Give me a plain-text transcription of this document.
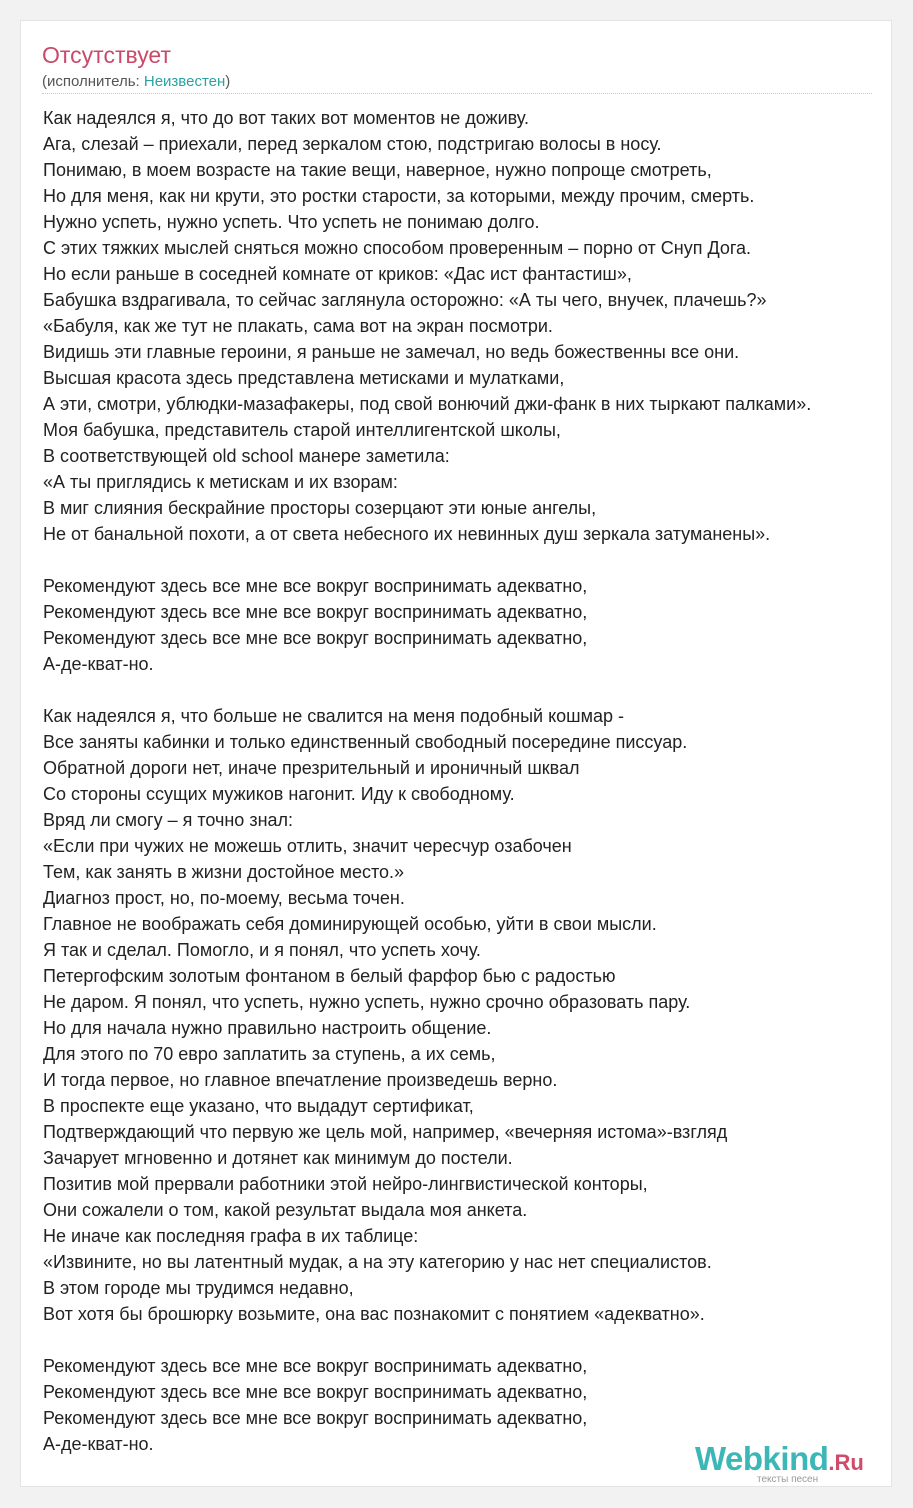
Отсутствует
(исполнитель: Неизвестен)
Как надеялся я, что до вот таких вот моментов не доживу.
Ага, слезай – приехали, перед зеркалом стою, подстригаю волосы в носу.
Понимаю, в моем возрасте на такие вещи, наверное, нужно попроще смотреть,
Но для меня, как ни крути, это ростки старости, за которыми, между прочим, смерть.
Нужно успеть, нужно успеть. Что успеть не понимаю долго.
С этих тяжких мыслей сняться можно способом проверенным – порно от Снуп Дога.
Но если раньше в соседней комнате от криков: «Дас ист фантастиш»,
Бабушка вздрагивала, то сейчас заглянула осторожно: «А ты чего, внучек, плачешь?»
«Бабуля, как же тут не плакать, сама вот на экран посмотри.
Видишь эти главные героини, я раньше не замечал, но ведь божественны все они.
Высшая красота здесь представлена метисками и мулатками,
А эти, смотри, ублюдки-мазафакеры, под свой вонючий джи-фанк в них тыркают палками».
Моя бабушка, представитель старой интеллигентской школы,
В соответствующей old school манере заметила:
«А ты приглядись к метискам и их взорам:
В миг слияния бескрайние просторы созерцают эти юные ангелы,
Не от банальной похоти, а от света небесного их невинных душ зеркала затуманены».

Рекомендуют здесь все мне все вокруг воспринимать адекватно,
Рекомендуют здесь все мне все вокруг воспринимать адекватно,
Рекомендуют здесь все мне все вокруг воспринимать адекватно,
А-де-кват-но.

Как надеялся я, что больше не свалится на меня подобный кошмар -
Все заняты кабинки и только единственный свободный посередине писсуар.
Обратной дороги нет, иначе презрительный и ироничный шквал
Со стороны ссущих мужиков нагонит. Иду к свободному.
Вряд ли смогу – я точно знал:
«Если при чужих не можешь отлить, значит чересчур озабочен
Тем, как занять в жизни достойное место.»
Диагноз прост, но, по-моему, весьма точен.
Главное не воображать себя доминирующей особью, уйти в свои мысли.
Я так и сделал. Помогло, и я понял, что успеть хочу.
Петергофским золотым фонтаном в белый фарфор бью с радостью
Не даром. Я понял, что успеть, нужно успеть, нужно срочно образовать пару.
Но для начала нужно правильно настроить общение.
Для этого по 70 евро заплатить за ступень, а их семь,
И тогда первое, но главное впечатление произведешь верно.
В проспекте еще указано, что выдадут сертификат,
Подтверждающий что первую же цель мой, например, «вечерняя истома»-взгляд
Зачарует мгновенно и дотянет как минимум до постели.
Позитив мой прервали работники этой нейро-лингвистической конторы,
Они сожалели о том, какой результат выдала моя анкета.
Не иначе как последняя графа в их таблице:
«Извините, но вы латентный мудак, а на эту категорию у нас нет специалистов.
В этом городе мы трудимся недавно,
Вот хотя бы брошюрку возьмите, она вас познакомит с понятием «адекватно».

Рекомендуют здесь все мне все вокруг воспринимать адекватно,
Рекомендуют здесь все мне все вокруг воспринимать адекватно,
Рекомендуют здесь все мне все вокруг воспринимать адекватно,
А-де-кват-но.	Webkind.Ru
тексты песен
